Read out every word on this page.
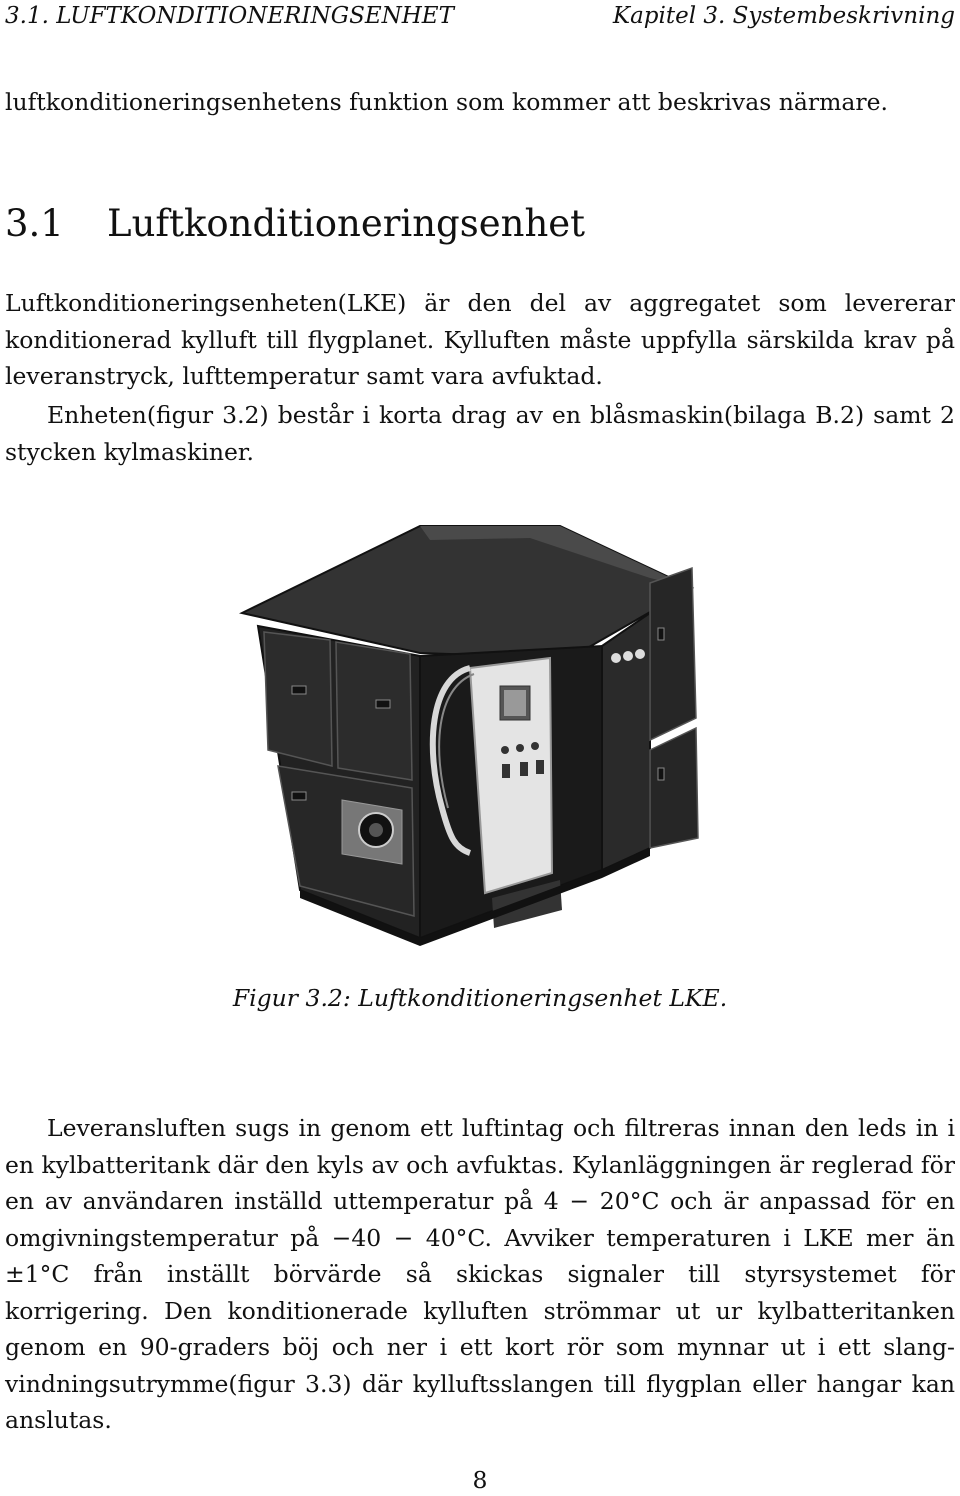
3.1. LUFTKONDITIONERINGSENHET	Kapitel 3. Systembeskrivning
luftkonditioneringsenhetens funktion som kommer att beskrivas närmare.
3.1 Luftkonditioneringsenhet
Luftkonditioneringsenheten(LKE) är den del av aggregatet som levererar konditionerad kylluft till flygplanet. Kylluften måste uppfylla särskilda krav på leveranstryck, lufttemperatur samt vara avfuktad.
Enheten(figur 3.2) består i korta drag av en blåsmaskin(bilaga B.2) samt 2 stycken kylmaskiner.
Figur 3.2: Luftkonditioneringsenhet LKE.
Leveransluften sugs in genom ett luftintag och filtreras innan den leds in i en kylbatteritank där den kyls av och avfuktas. Kylanläggningen är reglerad för en av användaren inställd uttemperatur på 4 − 20°C och är anpassad för en omgivningstemperatur på −40 − 40°C. Avviker temperaturen i LKE mer än ±1°C från inställt börvärde så skickas signaler till styrsystemet för korrigering. Den konditionerade kylluften strömmar ut ur kylbatteritanken genom en 90-graders böj och ner i ett kort rör som mynnar ut i ett slang-vindningsutrymme(figur 3.3) där kylluftsslangen till flygplan eller hangar kan anslutas.
8
